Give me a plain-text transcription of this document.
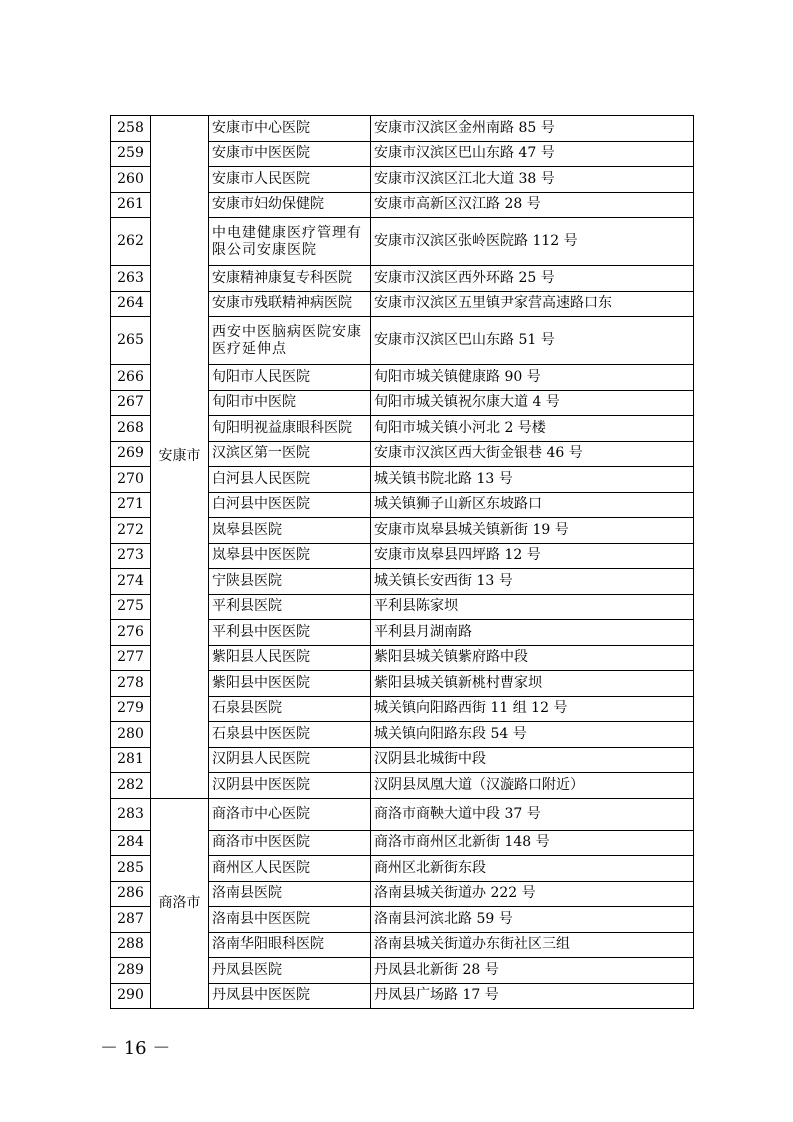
258	安康市	安康市中心医院	安康市汉滨区金州南路 85 号
259		安康市中医医院	安康市汉滨区巴山东路 47 号
260		安康市人民医院	安康市汉滨区江北大道 38 号
261		安康市妇幼保健院	安康市高新区汉江路 28 号
262		中电建健康医疗管理有限公司安康医院	安康市汉滨区张岭医院路 112 号
263		安康精神康复专科医院	安康市汉滨区西外环路 25 号
264		安康市残联精神病医院	安康市汉滨区五里镇尹家营高速路口东
265		西安中医脑病医院安康医疗延伸点	安康市汉滨区巴山东路 51 号
266		旬阳市人民医院	旬阳市城关镇健康路 90 号
267		旬阳市中医院	旬阳市城关镇祝尔康大道 4 号
268		旬阳明视益康眼科医院	旬阳市城关镇小河北 2 号楼
269		汉滨区第一医院	安康市汉滨区西大街金银巷 46 号
270		白河县人民医院	城关镇书院北路 13 号
271		白河县中医医院	城关镇狮子山新区东坡路口
272		岚皋县医院	安康市岚皋县城关镇新街 19 号
273		岚皋县中医医院	安康市岚皋县四坪路 12 号
274		宁陕县医院	城关镇长安西街 13 号
275		平利县医院	平利县陈家坝
276		平利县中医医院	平利县月湖南路
277		紫阳县人民医院	紫阳县城关镇紫府路中段
278		紫阳县中医医院	紫阳县城关镇新桃村曹家坝
279		石泉县医院	城关镇向阳路西街 11 组 12 号
280		石泉县中医医院	城关镇向阳路东段 54 号
281		汉阴县人民医院	汉阴县北城街中段
282		汉阴县中医医院	汉阴县凤凰大道（汉漩路口附近）
283	商洛市	商洛市中心医院	商洛市商鞅大道中段 37 号
284		商洛市中医医院	商洛市商州区北新街 148 号
285		商州区人民医院	商州区北新街东段
286		洛南县医院	洛南县城关街道办 222 号
287		洛南县中医医院	洛南县河滨北路 59 号
288		洛南华阳眼科医院	洛南县城关街道办东街社区三组
289		丹凤县医院	丹凤县北新街 28 号
290		丹凤县中医医院	丹凤县广场路 17 号
－ 16 －
